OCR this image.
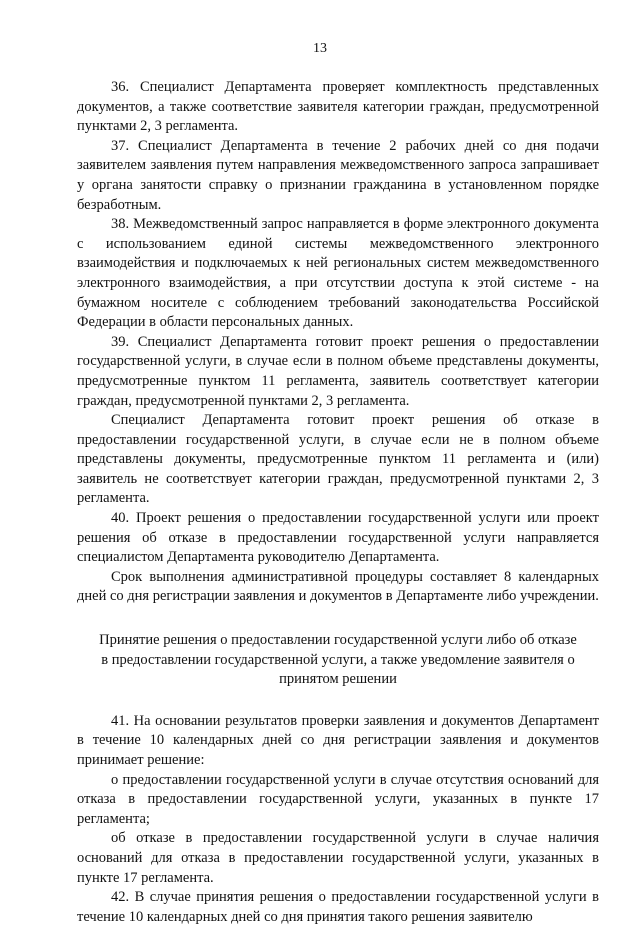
13

36. Специалист Департамента проверяет комплектность представленных документов, а также соответствие заявителя категории граждан, предусмотренной пунктами 2, 3 регламента.

37. Специалист Департамента в течение 2 рабочих дней со дня подачи заявителем заявления путем направления межведомственного запроса запрашивает у органа занятости справку о признании гражданина в установленном порядке безработным.

38. Межведомственный запрос направляется в форме электронного документа с использованием единой системы межведомственного электронного взаимодействия и подключаемых к ней региональных систем межведомственного электронного взаимодействия, а при отсутствии доступа к этой системе - на бумажном носителе с соблюдением требований законодательства Российской Федерации в области персональных данных.

39. Специалист Департамента готовит проект решения о предоставлении государственной услуги, в случае если в полном объеме представлены документы, предусмотренные пунктом 11 регламента, заявитель соответствует категории граждан, предусмотренной пунктами 2, 3 регламента.

Специалист Департамента готовит проект решения об отказе в предоставлении государственной услуги, в случае если не в полном объеме представлены документы, предусмотренные пунктом 11 регламента и (или) заявитель не соответствует категории граждан, предусмотренной пунктами 2, 3 регламента.

40. Проект решения о предоставлении государственной услуги или проект решения об отказе в предоставлении государственной услуги направляется специалистом Департамента руководителю Департамента.

Срок выполнения административной процедуры составляет 8 календарных дней со дня регистрации заявления и документов в Департаменте либо учреждении.

Принятие решения о предоставлении государственной услуги либо об отказе в предоставлении государственной услуги, а также уведомление заявителя о принятом решении

41. На основании результатов проверки заявления и документов Департамент в течение 10 календарных дней со дня регистрации заявления и документов принимает решение:

о предоставлении государственной услуги в случае отсутствия оснований для отказа в предоставлении государственной услуги, указанных в пункте 17 регламента;

об отказе в предоставлении государственной услуги в случае наличия оснований для отказа в предоставлении государственной услуги, указанных в пункте 17 регламента.

42. В случае принятия решения о предоставлении государственной услуги в течение 10 календарных дней со дня принятия такого решения заявителю
